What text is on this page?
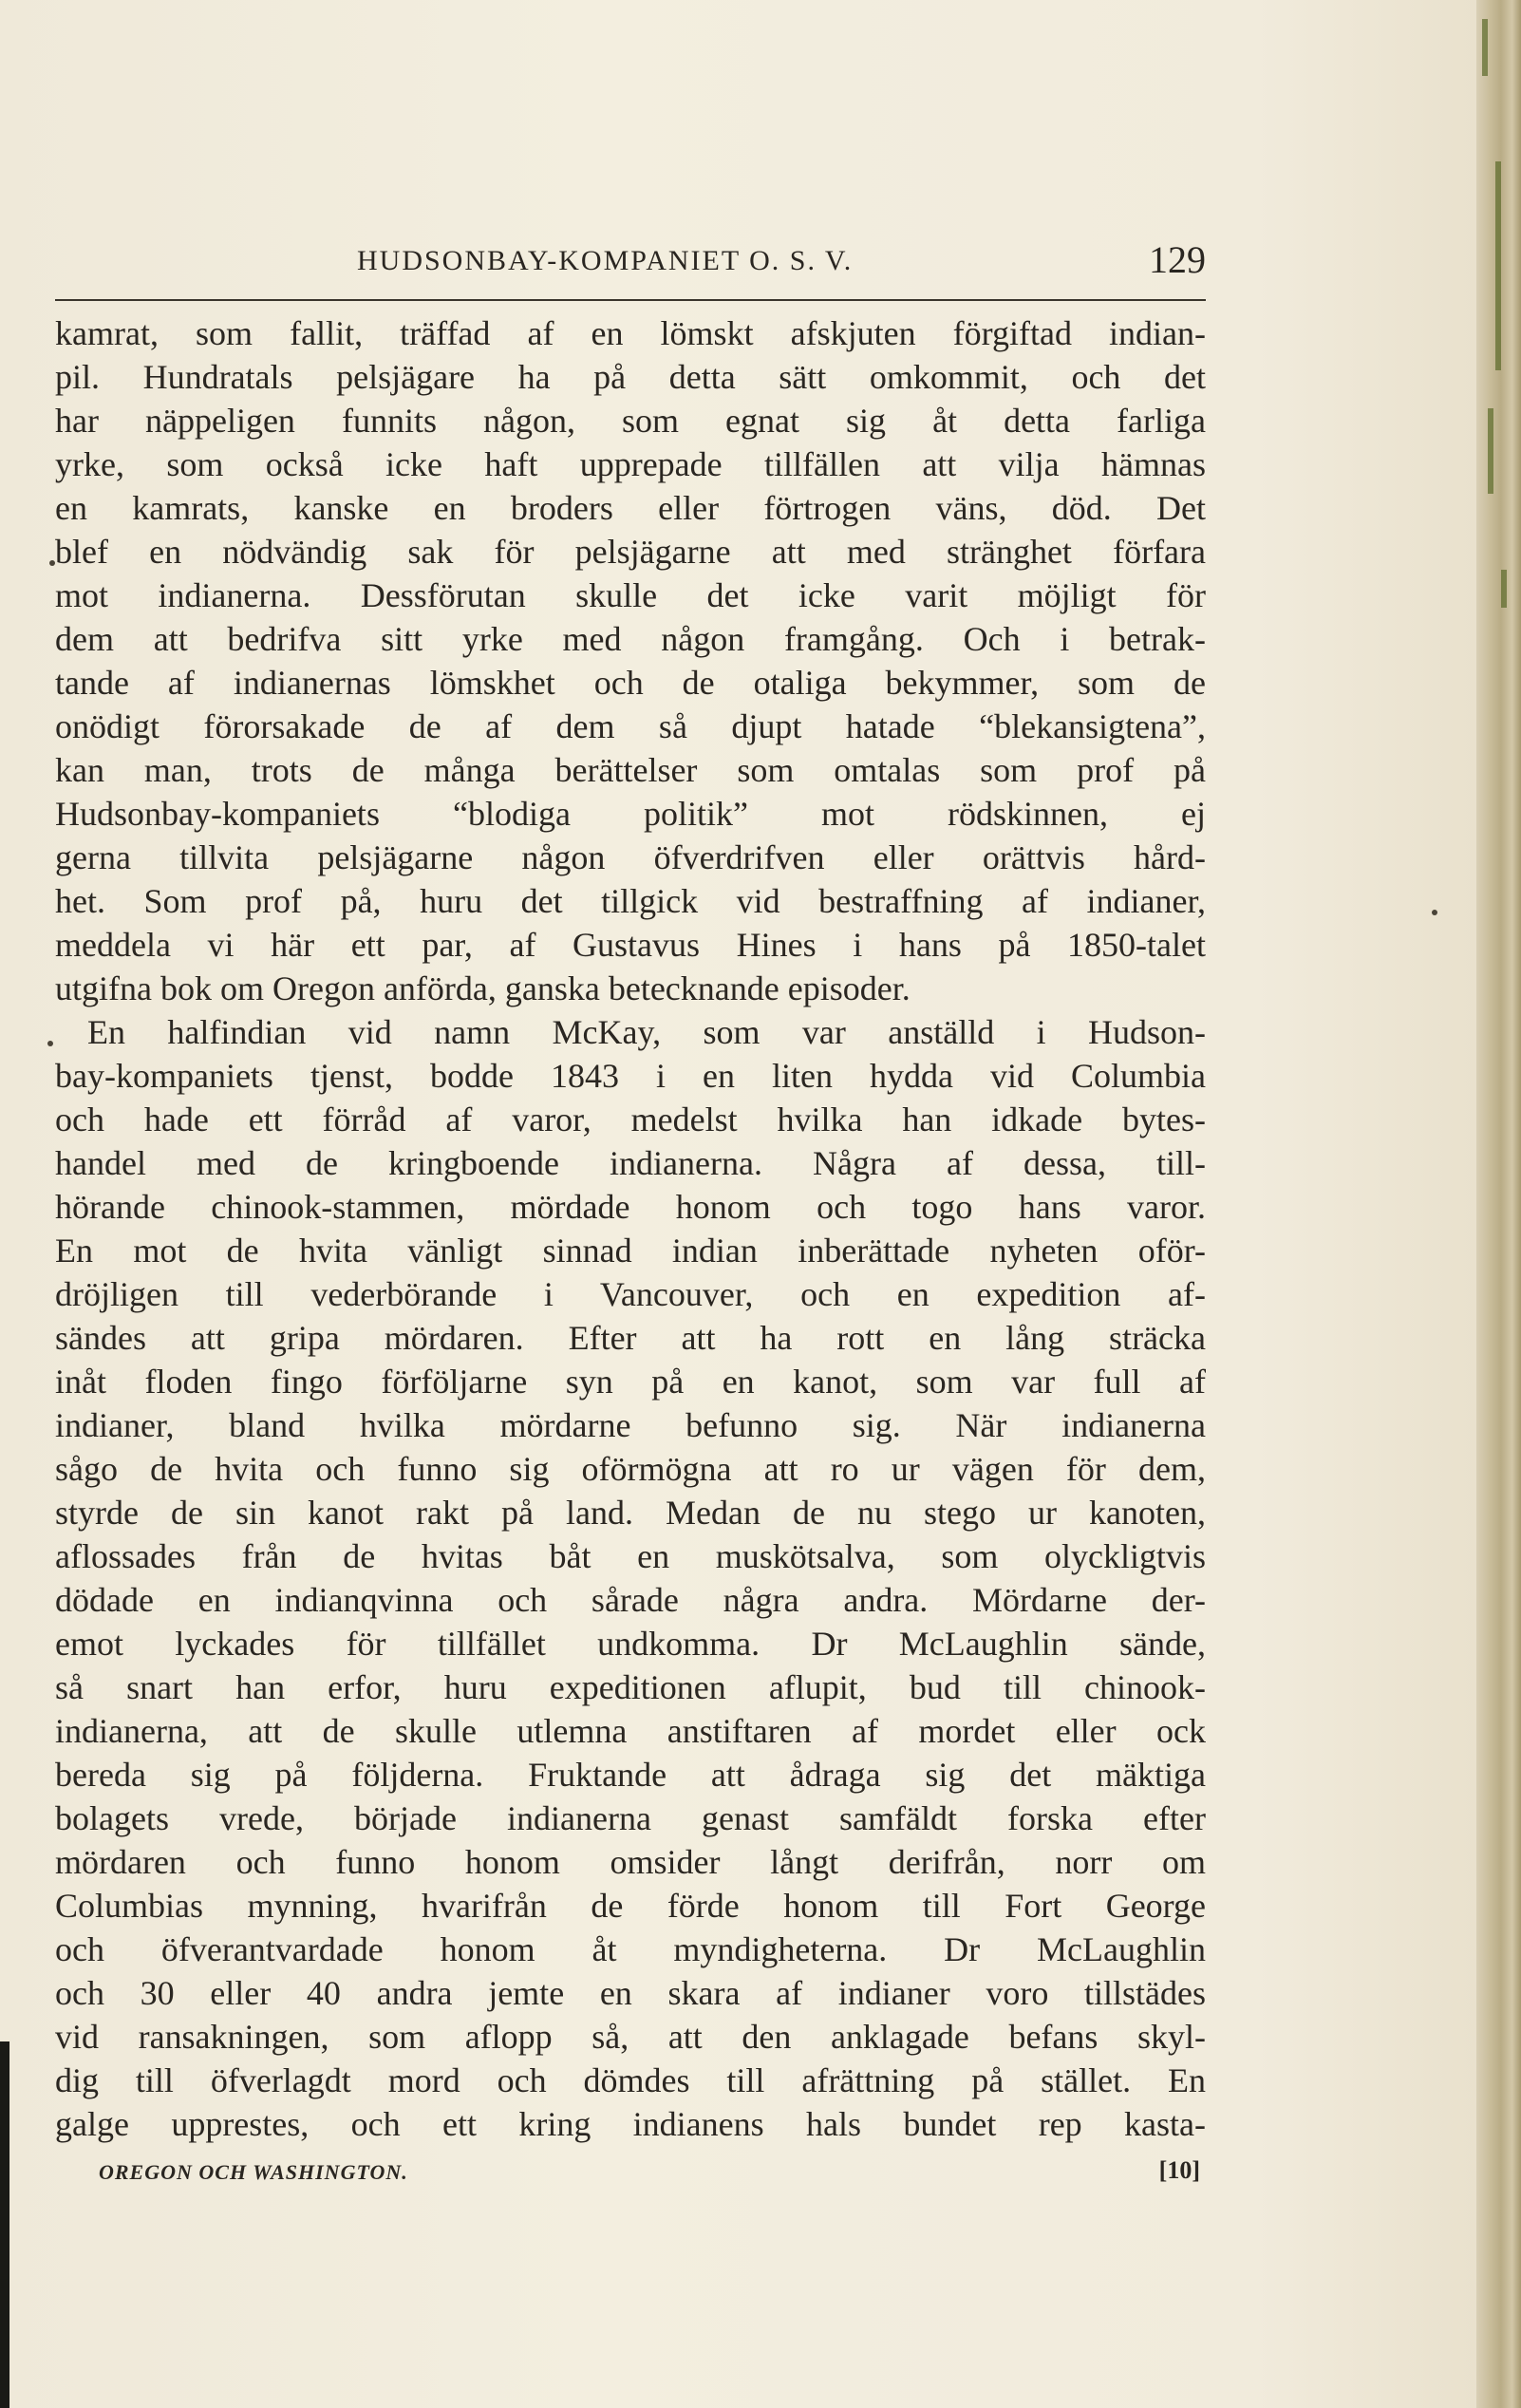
HUDSONBAY-KOMPANIET O. S. V.	129
kamrat, som fallit, träffad af en lömskt afskjuten förgiftad indian-
pil. Hundratals pelsjägare ha på detta sätt omkommit, och det
har näppeligen funnits någon, som egnat sig åt detta farliga
yrke, som också icke haft upprepade tillfällen att vilja hämnas
en kamrats, kanske en broders eller förtrogen väns, död. Det
blef en nödvändig sak för pelsjägarne att med stränghet förfara
mot indianerna. Dessförutan skulle det icke varit möjligt för
dem att bedrifva sitt yrke med någon framgång. Och i betrak-
tande af indianernas lömskhet och de otaliga bekymmer, som de
onödigt förorsakade de af dem så djupt hatade “blekansigtena”,
kan man, trots de många berättelser som omtalas som prof på
Hudsonbay-kompaniets “blodiga politik” mot rödskinnen, ej
gerna tillvita pelsjägarne någon öfverdrifven eller orättvis hård-
het. Som prof på, huru det tillgick vid bestraffning af indianer,
meddela vi här ett par, af Gustavus Hines i hans på 1850-talet
utgifna bok om Oregon anförda, ganska betecknande episoder.
En halfindian vid namn McKay, som var anställd i Hudson-
bay-kompaniets tjenst, bodde 1843 i en liten hydda vid Columbia
och hade ett förråd af varor, medelst hvilka han idkade bytes-
handel med de kringboende indianerna. Några af dessa, till-
hörande chinook-stammen, mördade honom och togo hans varor.
En mot de hvita vänligt sinnad indian inberättade nyheten oför-
dröjligen till vederbörande i Vancouver, och en expedition af-
sändes att gripa mördaren. Efter att ha rott en lång sträcka
inåt floden fingo förföljarne syn på en kanot, som var full af
indianer, bland hvilka mördarne befunno sig. När indianerna
sågo de hvita och funno sig oförmögna att ro ur vägen för dem,
styrde de sin kanot rakt på land. Medan de nu stego ur kanoten,
aflossades från de hvitas båt en muskötsalva, som olyckligtvis
dödade en indianqvinna och sårade några andra. Mördarne der-
emot lyckades för tillfället undkomma. Dr McLaughlin sände,
så snart han erfor, huru expeditionen aflupit, bud till chinook-
indianerna, att de skulle utlemna anstiftaren af mordet eller ock
bereda sig på följderna. Fruktande att ådraga sig det mäktiga
bolagets vrede, började indianerna genast samfäldt forska efter
mördaren och funno honom omsider långt derifrån, norr om
Columbias mynning, hvarifrån de förde honom till Fort George
och öfverantvardade honom åt myndigheterna. Dr McLaughlin
och 30 eller 40 andra jemte en skara af indianer voro tillstädes
vid ransakningen, som aflopp så, att den anklagade befans skyl-
dig till öfverlagdt mord och dömdes till afrättning på stället. En
galge upprestes, och ett kring indianens hals bundet rep kasta-
OREGON OCH WASHINGTON.	[10]
